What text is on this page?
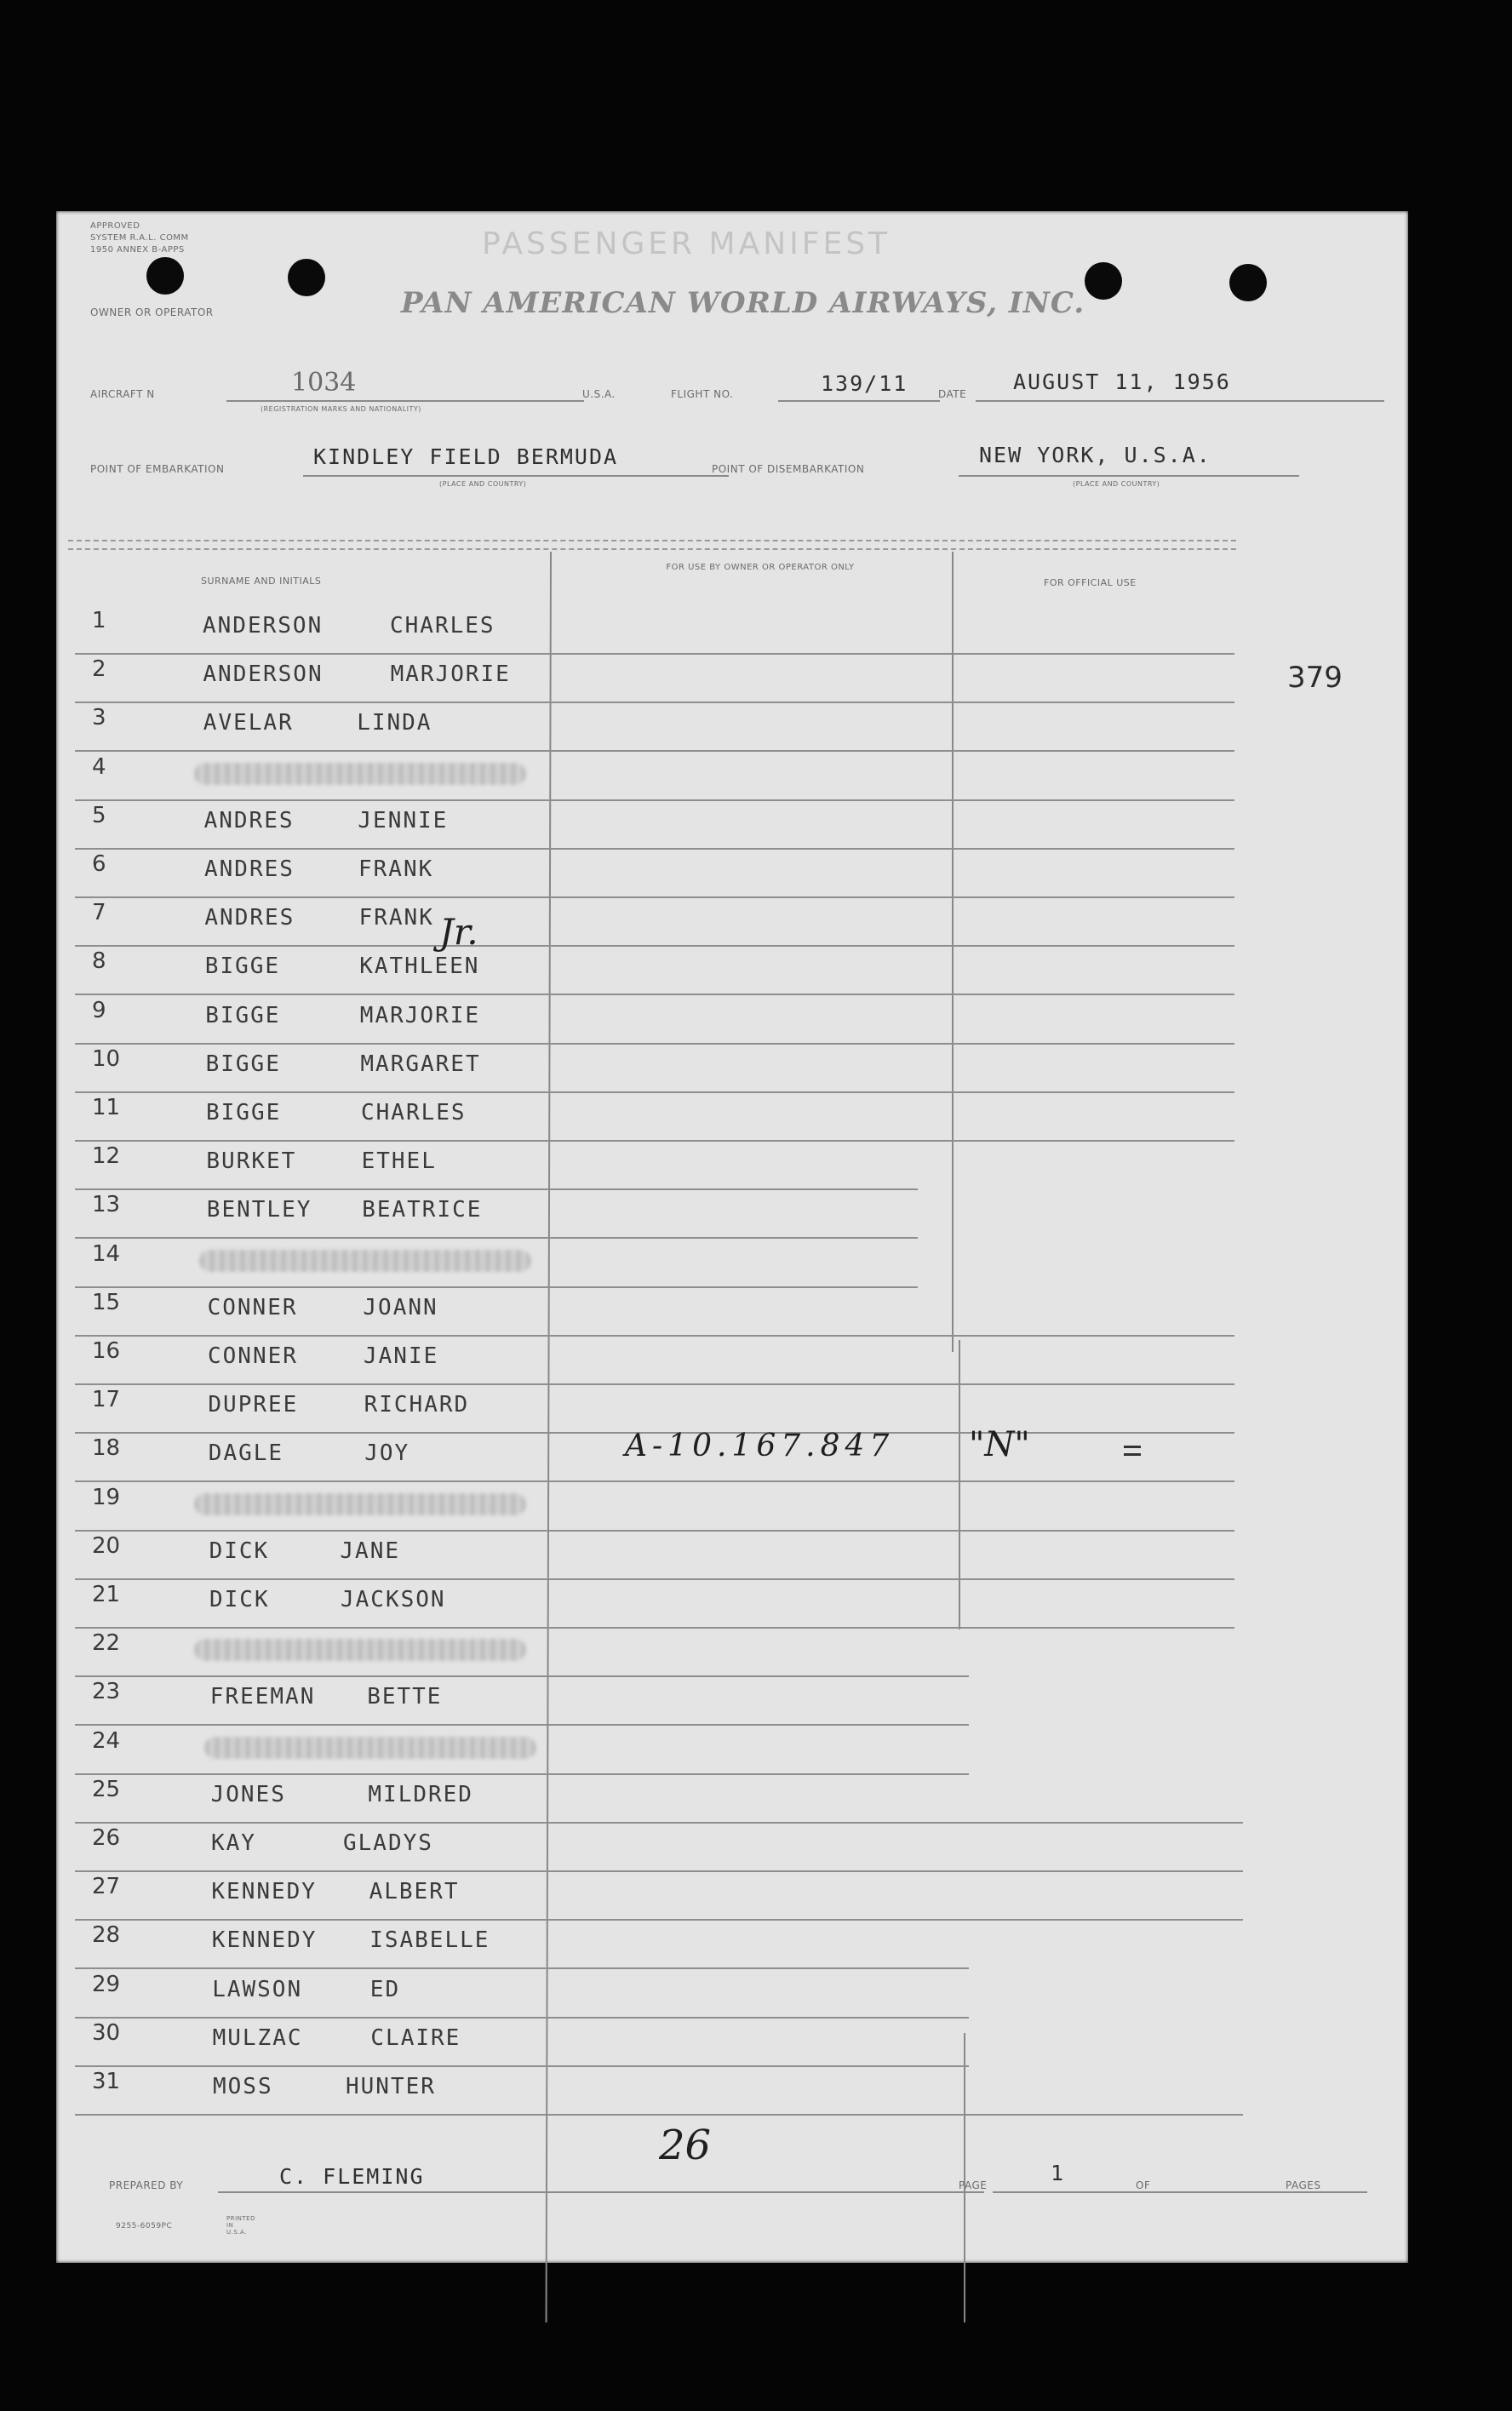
APPROVED
SYSTEM R.A.L. COMM
1950 ANNEX B-APPS	PASSENGER MANIFEST
OWNER OR OPERATOR	PAN AMERICAN WORLD AIRWAYS, INC.
AIRCRAFT N	1034
(REGISTRATION MARKS AND NATIONALITY)
U.S.A.	FLIGHT NO.	139/11	DATE AUGUST 11, 1956
POINT OF EMBARKATION	KINDLEY FIELD BERMUDA
(PLACE AND COUNTRY)
POINT OF DISEMBARKATION
NEW YORK, U.S.A.
(PLACE AND COUNTRY)
SURNAME AND INITIALS
FOR USE BY OWNER OR OPERATOR ONLY
FOR OFFICIAL USE
379
1	ANDERSON	CHARLES
2	ANDERSON	MARJORIE
3	AVELAR	LINDA
4
5	ANDRES	JENNIE
6	ANDRES	FRANK
7	ANDRES	FRANK
8	BIGGE	KATHLEEN
9	BIGGE	MARJORIE
10	BIGGE	MARGARET
11	BIGGE	CHARLES
12	BURKET	ETHEL
13	BENTLEY BEATRICE
14
15	CONNER	JOANN
16	CONNER	JANIE
17	DUPREE	RICHARD
18	DAGLE	JOY
19
20	DICK	JANE
21	DICK	JACKSON
22
23	FREEMAN BETTE
24
25	JONES	MILDRED
26	KAY	GLADYS
27	KENNEDY ALBERT
28	KENNEDY ISABELLE
29	LAWSON	ED
30	MULZAC	CLAIRE
31	MOSS	HUNTER
Jr.
A-10.167.847 "N"
26
PREPARED BY	C. FLEMING	PAGE	1	OF	PAGES
9255-6059PC
PRINTED IN U.S.A.
